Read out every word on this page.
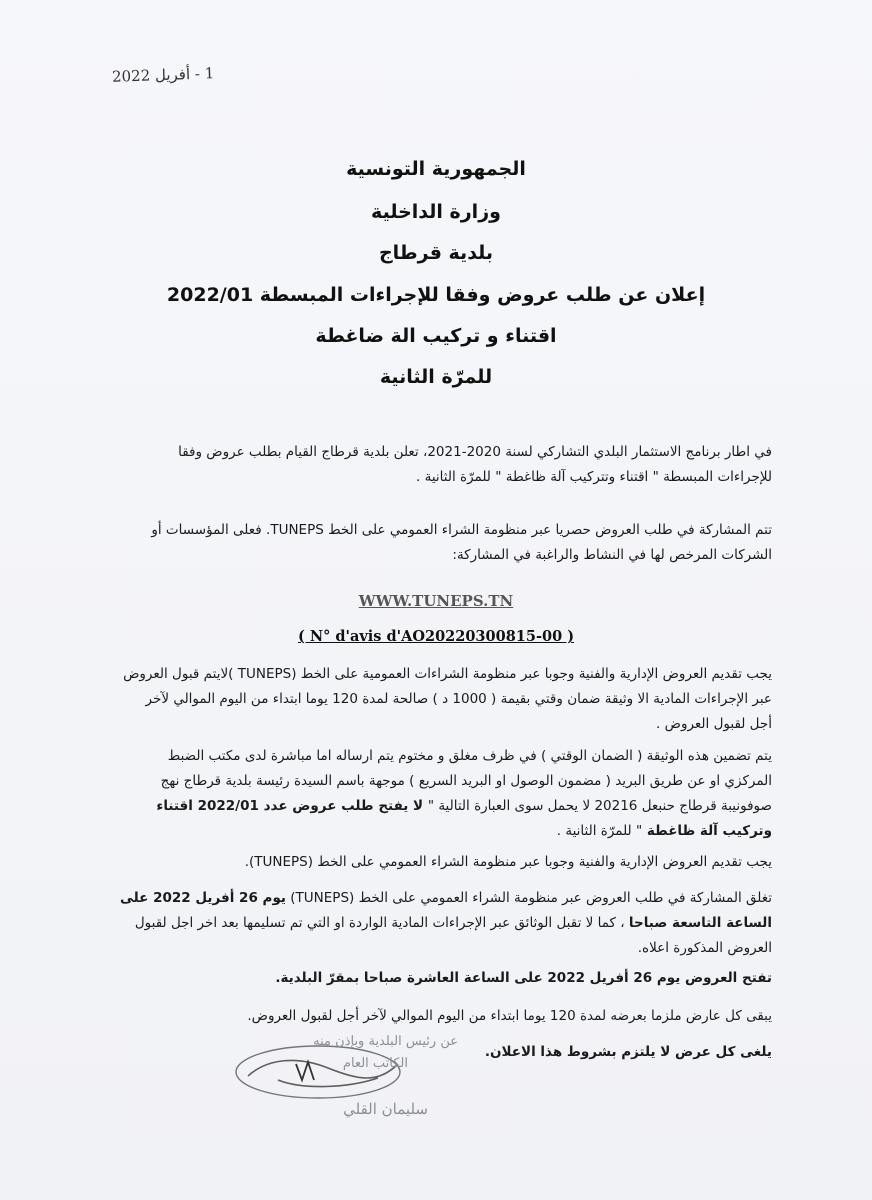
1 - أفريل 2022
الجمهورية التونسية
وزارة الداخلية
بلدية قرطاج
إعلان عن طلب عروض وفقا للإجراءات المبسطة 2022/01
اقتناء و تركيب الة ضاغطة
للمرّة الثانية
في اطار برنامج الاستثمار البلدي التشاركي لسنة 2020-2021، تعلن بلدية قرطاج القيام بطلب عروض وفقا للإجراءات المبسطة " اقتناء وتتركيب آلة ظاغطة " للمرّة الثانية .
تتم المشاركة في طلب العروض حصريا عبر منظومة الشراء العمومي على الخط TUNEPS. فعلى المؤسسات أو الشركات المرخص لها في النشاط والراغبة في المشاركة:
WWW.TUNEPS.TN
( N° d'avis d'AO20220300815-00 )
يجب تقديم العروض الإدارية والفنية وجوبا عبر منظومة الشراءات العمومية على الخط (TUNEPS )لايتم قبول العروض عبر الإجراءات المادية الا وثيقة ضمان وقتي بقيمة ( 1000 د ) صالحة لمدة 120 يوما ابتداء من اليوم الموالي لآخر أجل لقبول العروض .
يتم تضمين هذه الوثيقة ( الضمان الوقتي ) في ظرف مغلق و مختوم يتم ارساله اما مباشرة لدى مكتب الضبط المركزي او عن طريق البريد ( مضمون الوصول او البريد السريع ) موجهة باسم السيدة رئيسة بلدية قرطاج نهج صوفونيبة قرطاج حنبعل 20216 لا يحمل سوى العبارة التالية " لا يفتح طلب عروض عدد 2022/01 اقتناء وتركيب آلة ظاغطة " للمرّة الثانية .
يجب تقديم العروض الإدارية والفنية وجوبا عبر منظومة الشراء العمومي على الخط (TUNEPS).
تغلق المشاركة في طلب العروض عبر منظومة الشراء العمومي على الخط (TUNEPS) يوم 26 أفريل 2022 على الساعة التاسعة صباحا ، كما لا تقبل الوثائق عبر الإجراءات المادية الواردة او التي تم تسليمها بعد اخر اجل لقبول العروض المذكورة اعلاه.
تفتح العروض يوم 26 أفريل 2022 على الساعة العاشرة صباحا بمقرّ البلدية.
يبقى كل عارض ملزما بعرضه لمدة 120 يوما ابتداء من اليوم الموالي لآخر أجل لقبول العروض.
يلغى كل عرض لا يلتزم بشروط هذا الاعلان.
عن رئيس البلدية وبإذن منه
الكاتب العام
سليمان القلي
